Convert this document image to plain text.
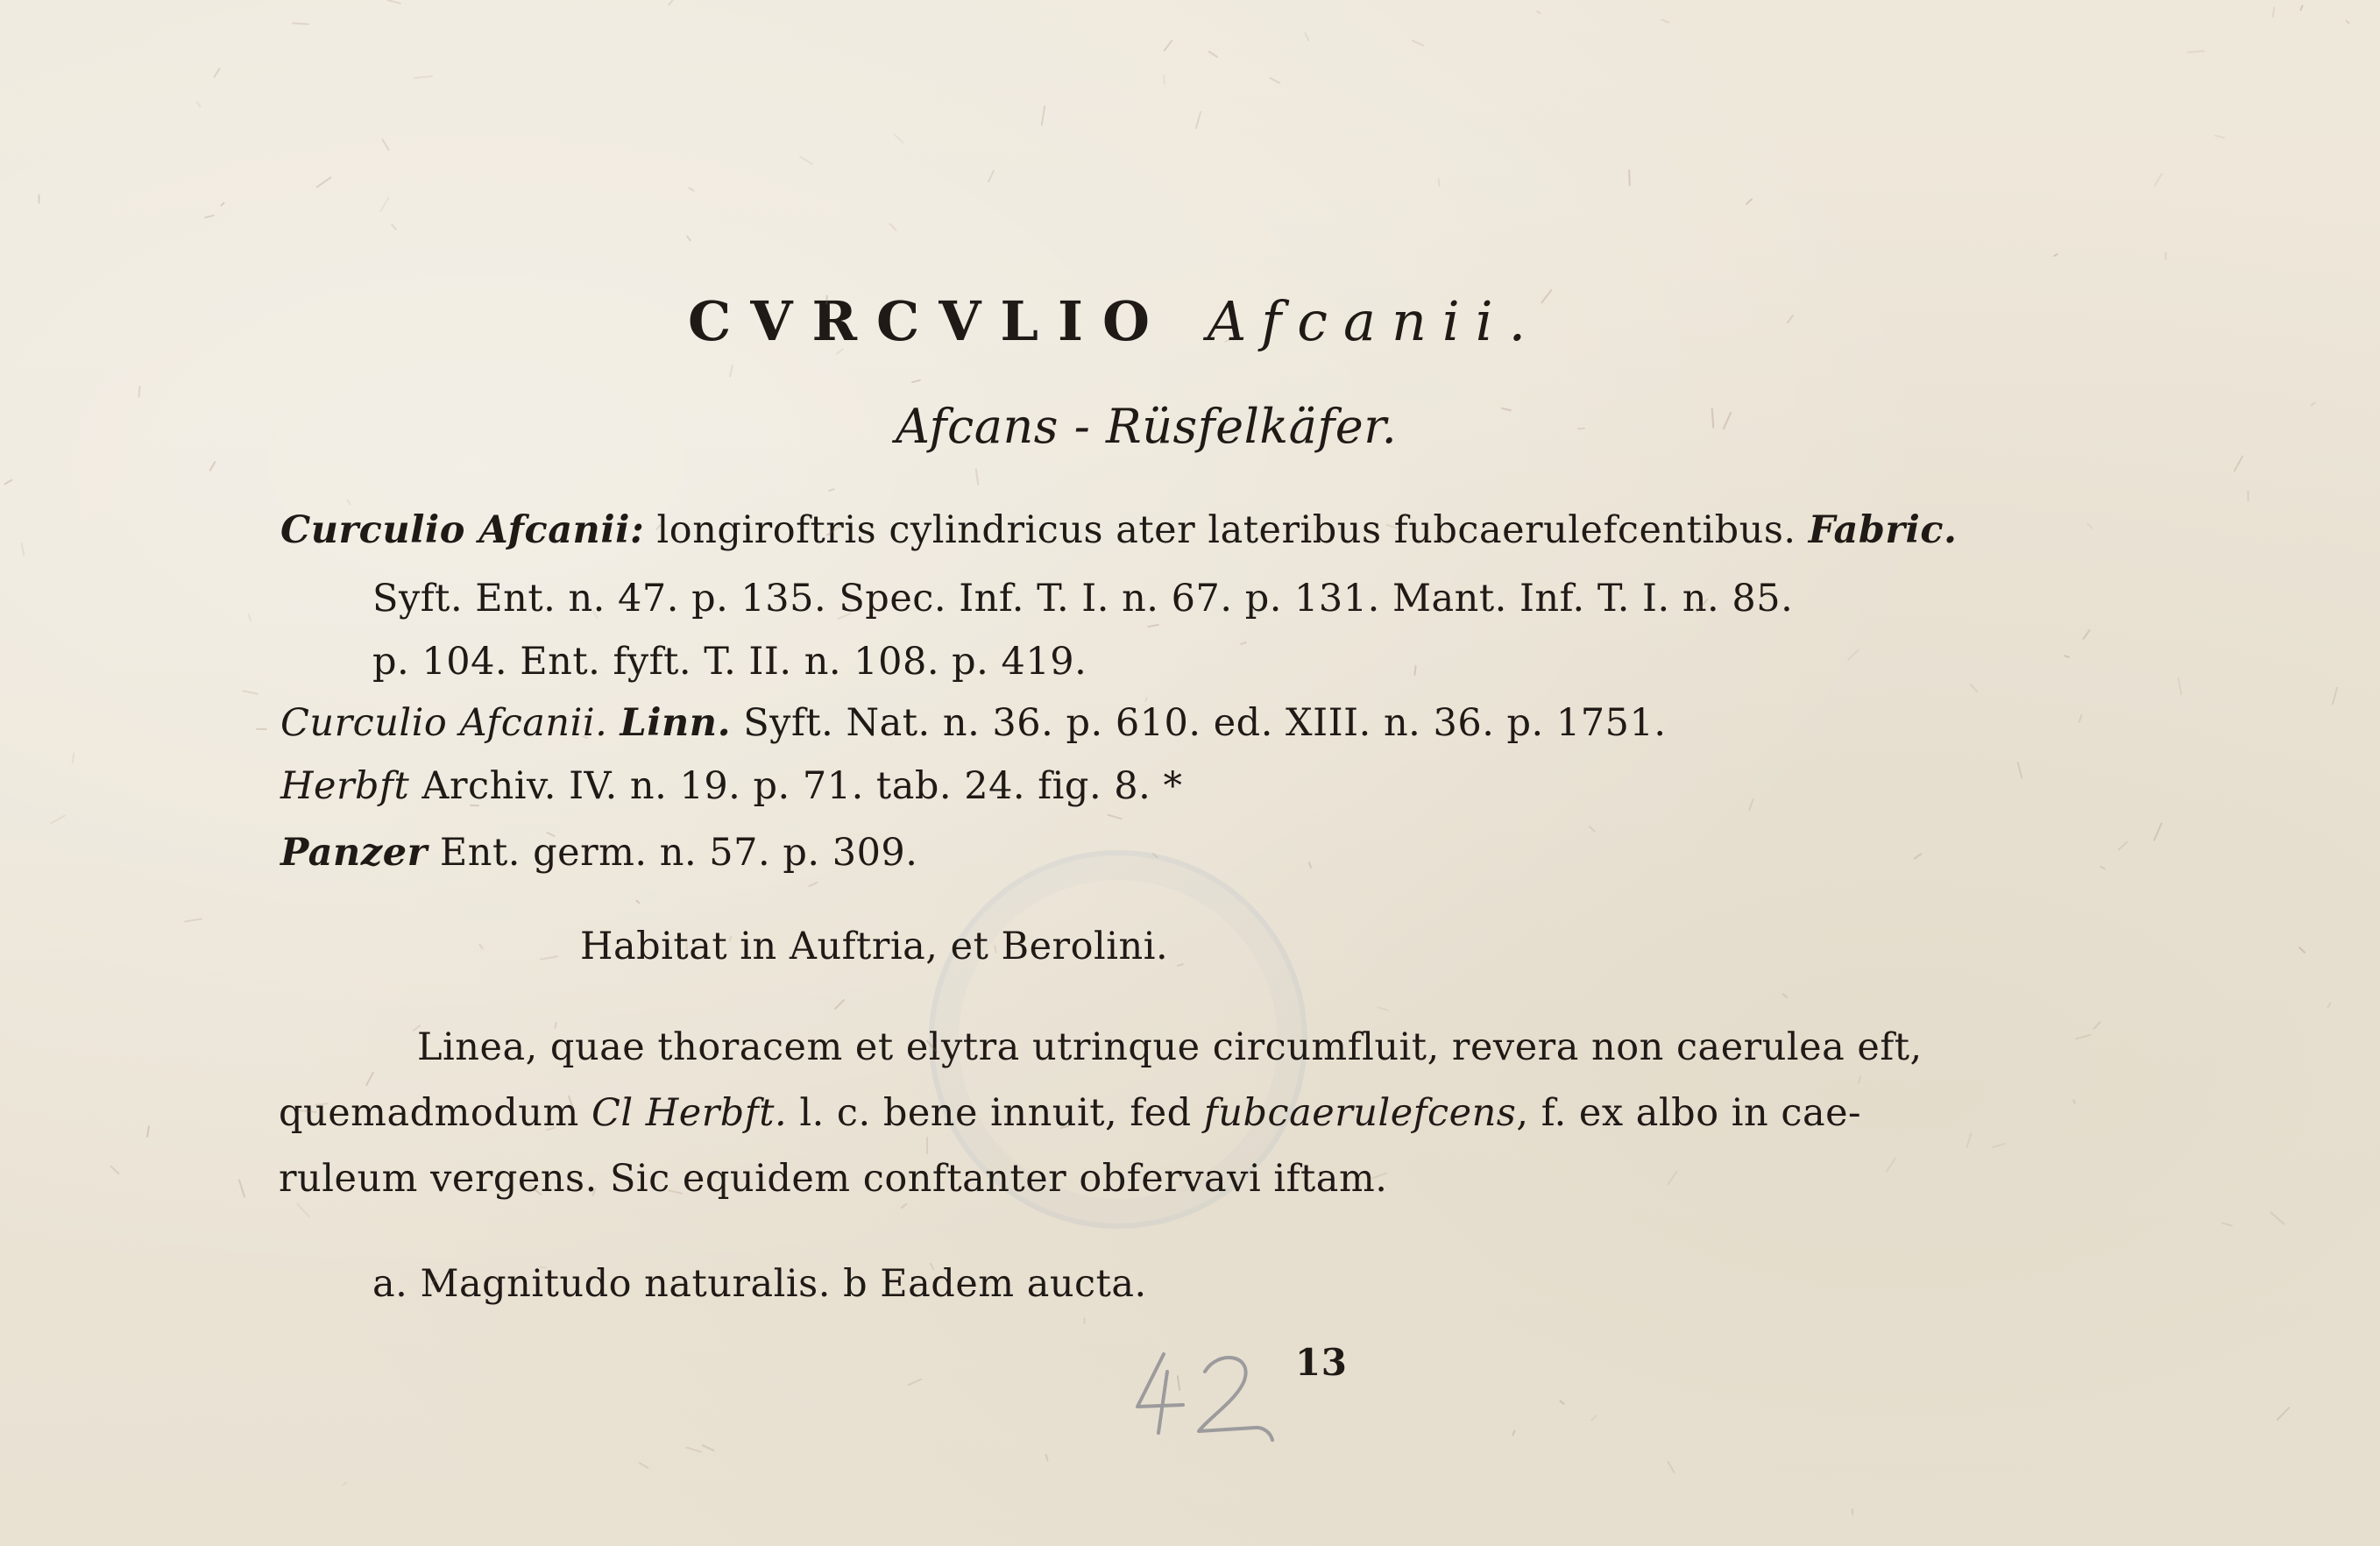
CVRCVLIO Afcanii.
Afcans - Rüsfelkäfer.
Curculio Afcanii: longiroftris cylindricus ater lateribus fubcaerulefcentibus. Fabric.
Syft. Ent. n. 47. p. 135. Spec. Inf. T. I. n. 67. p. 131. Mant. Inf. T. I. n. 85.
p. 104. Ent. fyft. T. II. n. 108. p. 419.
Curculio Afcanii. Linn. Syft. Nat. n. 36. p. 610. ed. XIII. n. 36. p. 1751.
Herbft Archiv. IV. n. 19. p. 71. tab. 24. fig. 8. *
Panzer Ent. germ. n. 57. p. 309.
Habitat in Auftria, et Berolini.
Linea, quae thoracem et elytra utrinque circumfluit, revera non caerulea eft,
quemadmodum Cl Herbft. l. c. bene innuit, fed fubcaerulefcens, f. ex albo in cae-
ruleum vergens. Sic equidem conftanter obfervavi iftam.
a. Magnitudo naturalis. b Eadem aucta.
42	13
